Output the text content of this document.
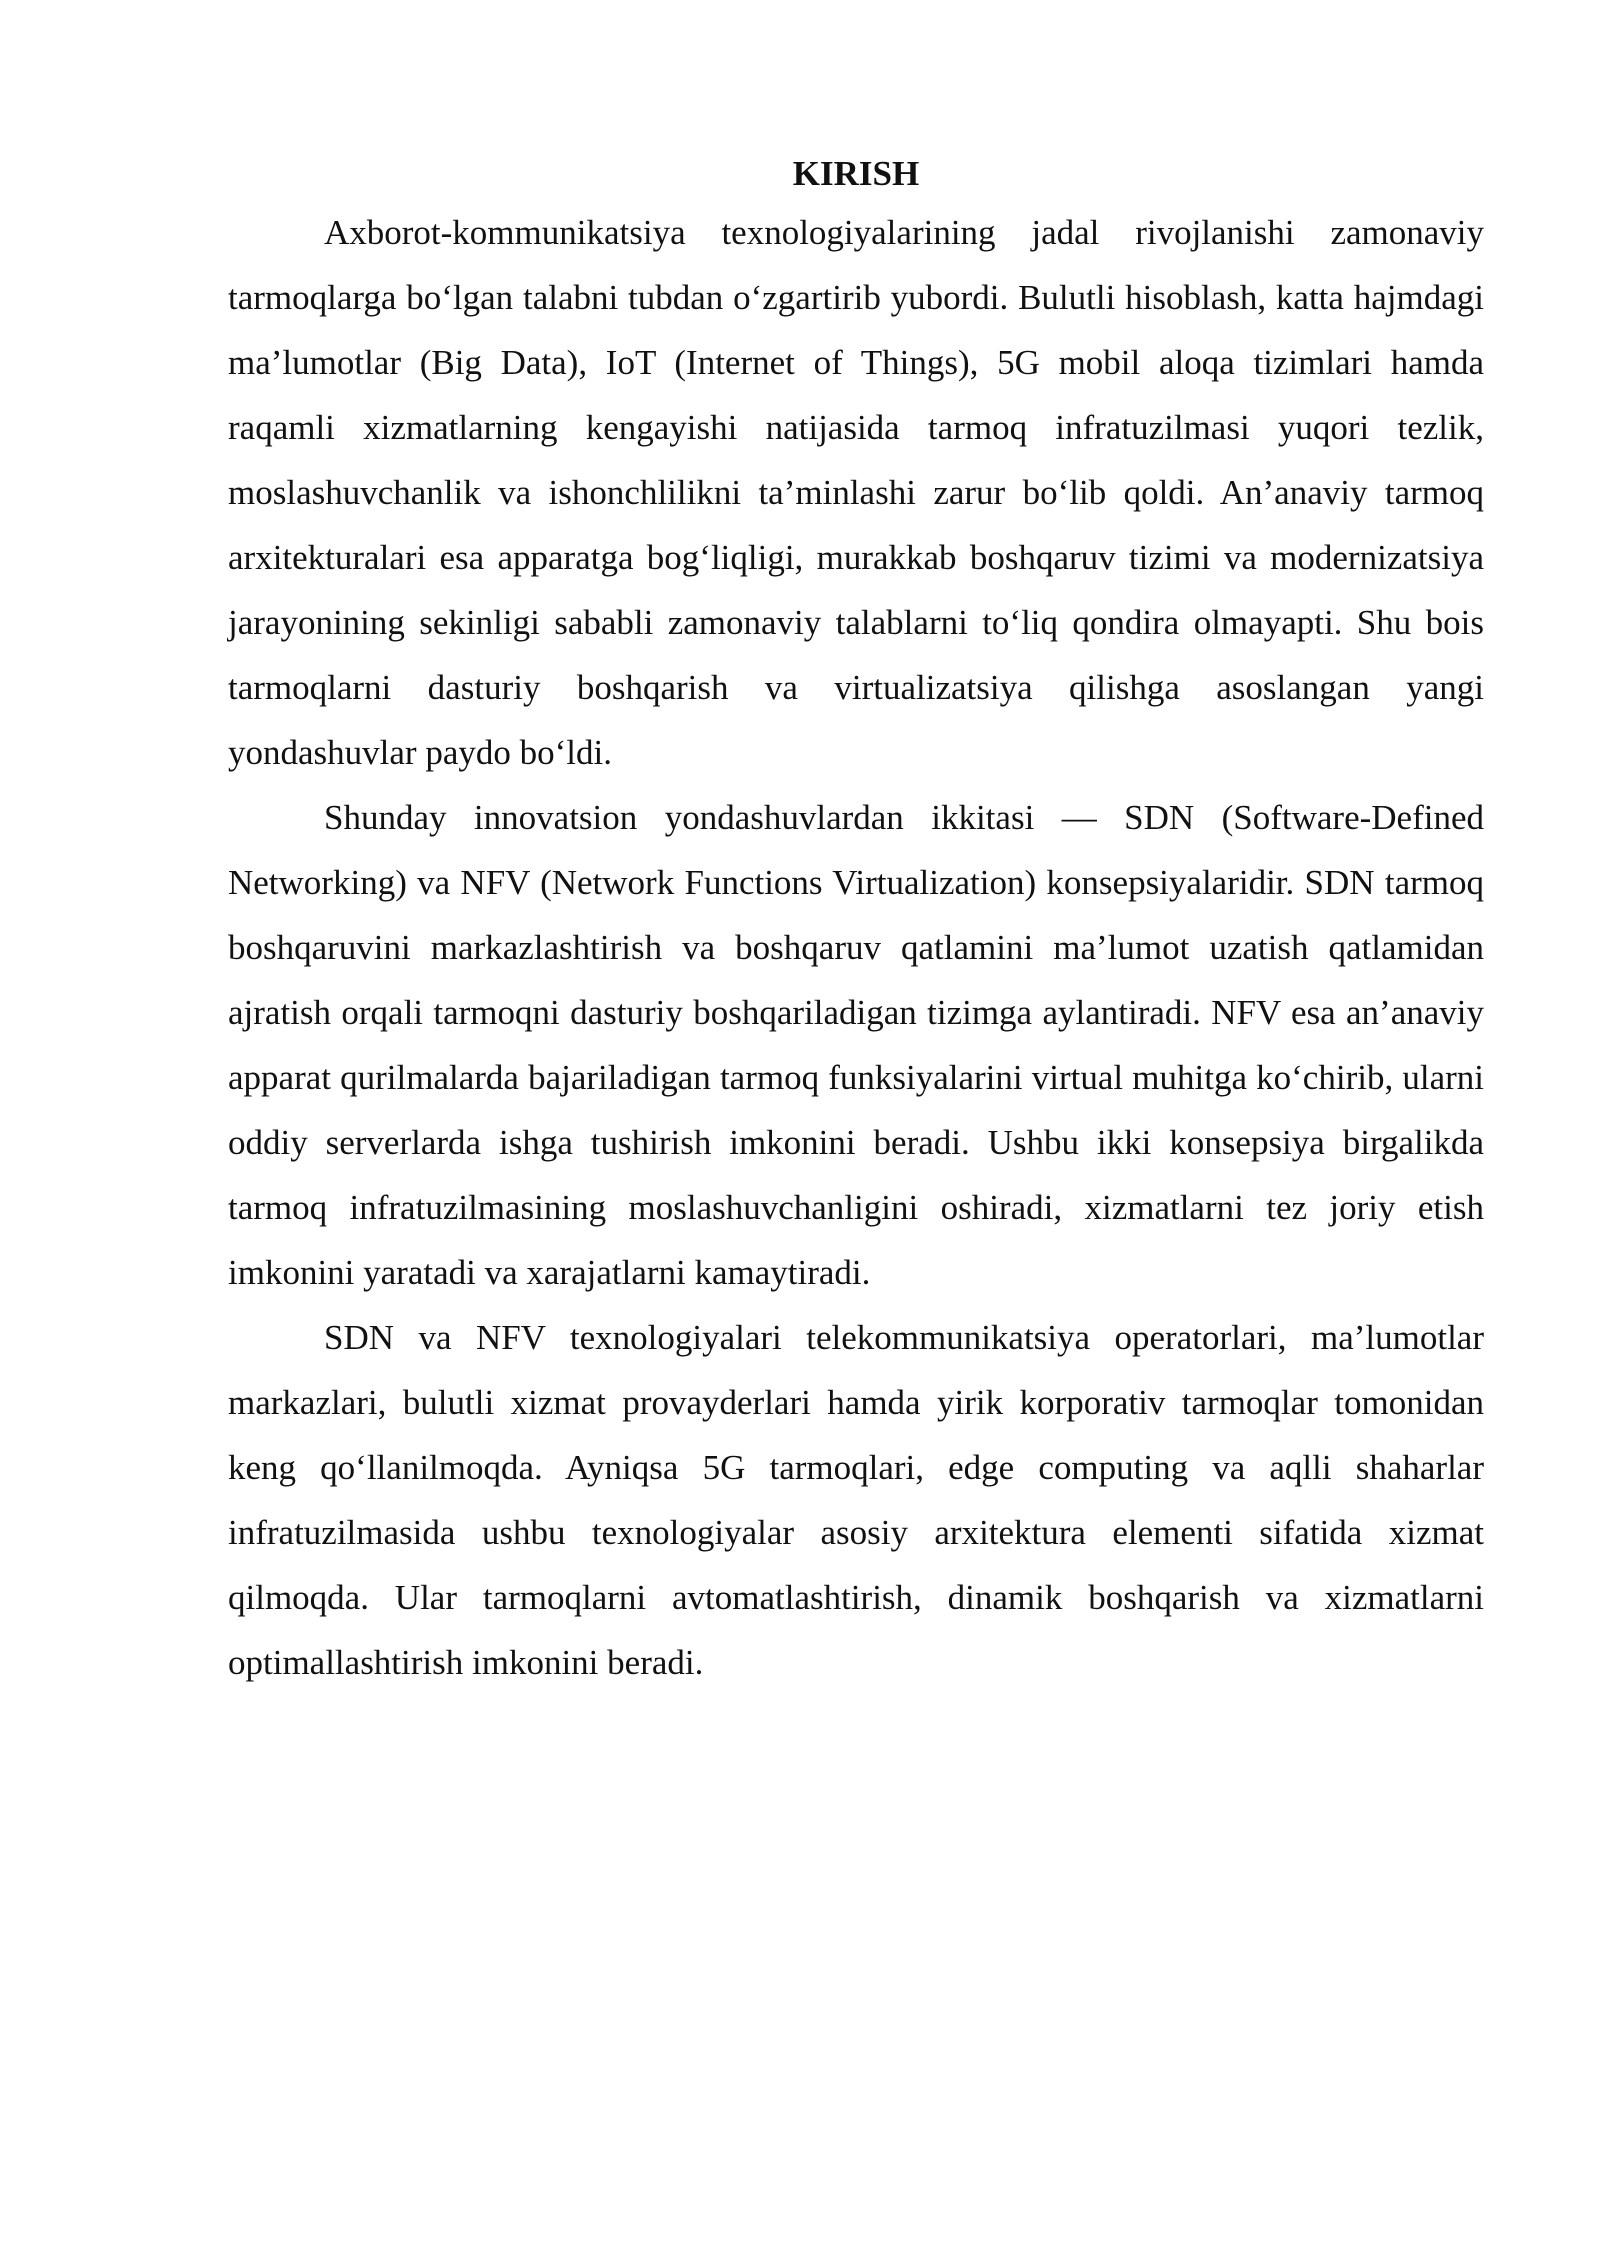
KIRISH

Axborot-kommunikatsiya texnologiyalarining jadal rivojlanishi zamonaviy tarmoqlarga bo‘lgan talabni tubdan o‘zgartirib yubordi. Bulutli hisoblash, katta hajmdagi ma’lumotlar (Big Data), IoT (Internet of Things), 5G mobil aloqa tizimlari hamda raqamli xizmatlarning kengayishi natijasida tarmoq infratuzilmasi yuqori tezlik, moslashuvchanlik va ishonchlilikni ta’minlashi zarur bo‘lib qoldi. An’anaviy tarmoq arxitekturalari esa apparatga bog‘liqligi, murakkab boshqaruv tizimi va modernizatsiya jarayonining sekinligi sababli zamonaviy talablarni to‘liq qondira olmayapti. Shu bois tarmoqlarni dasturiy boshqarish va virtualizatsiya qilishga asoslangan yangi yondashuvlar paydo bo‘ldi.

Shunday innovatsion yondashuvlardan ikkitasi — SDN (Software-Defined Networking) va NFV (Network Functions Virtualization) konsepsiyalaridir. SDN tarmoq boshqaruvini markazlashtirish va boshqaruv qatlamini ma’lumot uzatish qatlamidan ajratish orqali tarmoqni dasturiy boshqariladigan tizimga aylantiradi. NFV esa an’anaviy apparat qurilmalarda bajariladigan tarmoq funksiyalarini virtual muhitga ko‘chirib, ularni oddiy serverlarda ishga tushirish imkonini beradi. Ushbu ikki konsepsiya birgalikda tarmoq infratuzilmasining moslashuvchanligini oshiradi, xizmatlarni tez joriy etish imkonini yaratadi va xarajatlarni kamaytiradi.

SDN va NFV texnologiyalari telekommunikatsiya operatorlari, ma’lumotlar markazlari, bulutli xizmat provayderlari hamda yirik korporativ tarmoqlar tomonidan keng qo‘llanilmoqda. Ayniqsa 5G tarmoqlari, edge computing va aqlli shaharlar infratuzilmasida ushbu texnologiyalar asosiy arxitektura elementi sifatida xizmat qilmoqda. Ular tarmoqlarni avtomatlashtirish, dinamik boshqarish va xizmatlarni optimallashtirish imkonini beradi.
